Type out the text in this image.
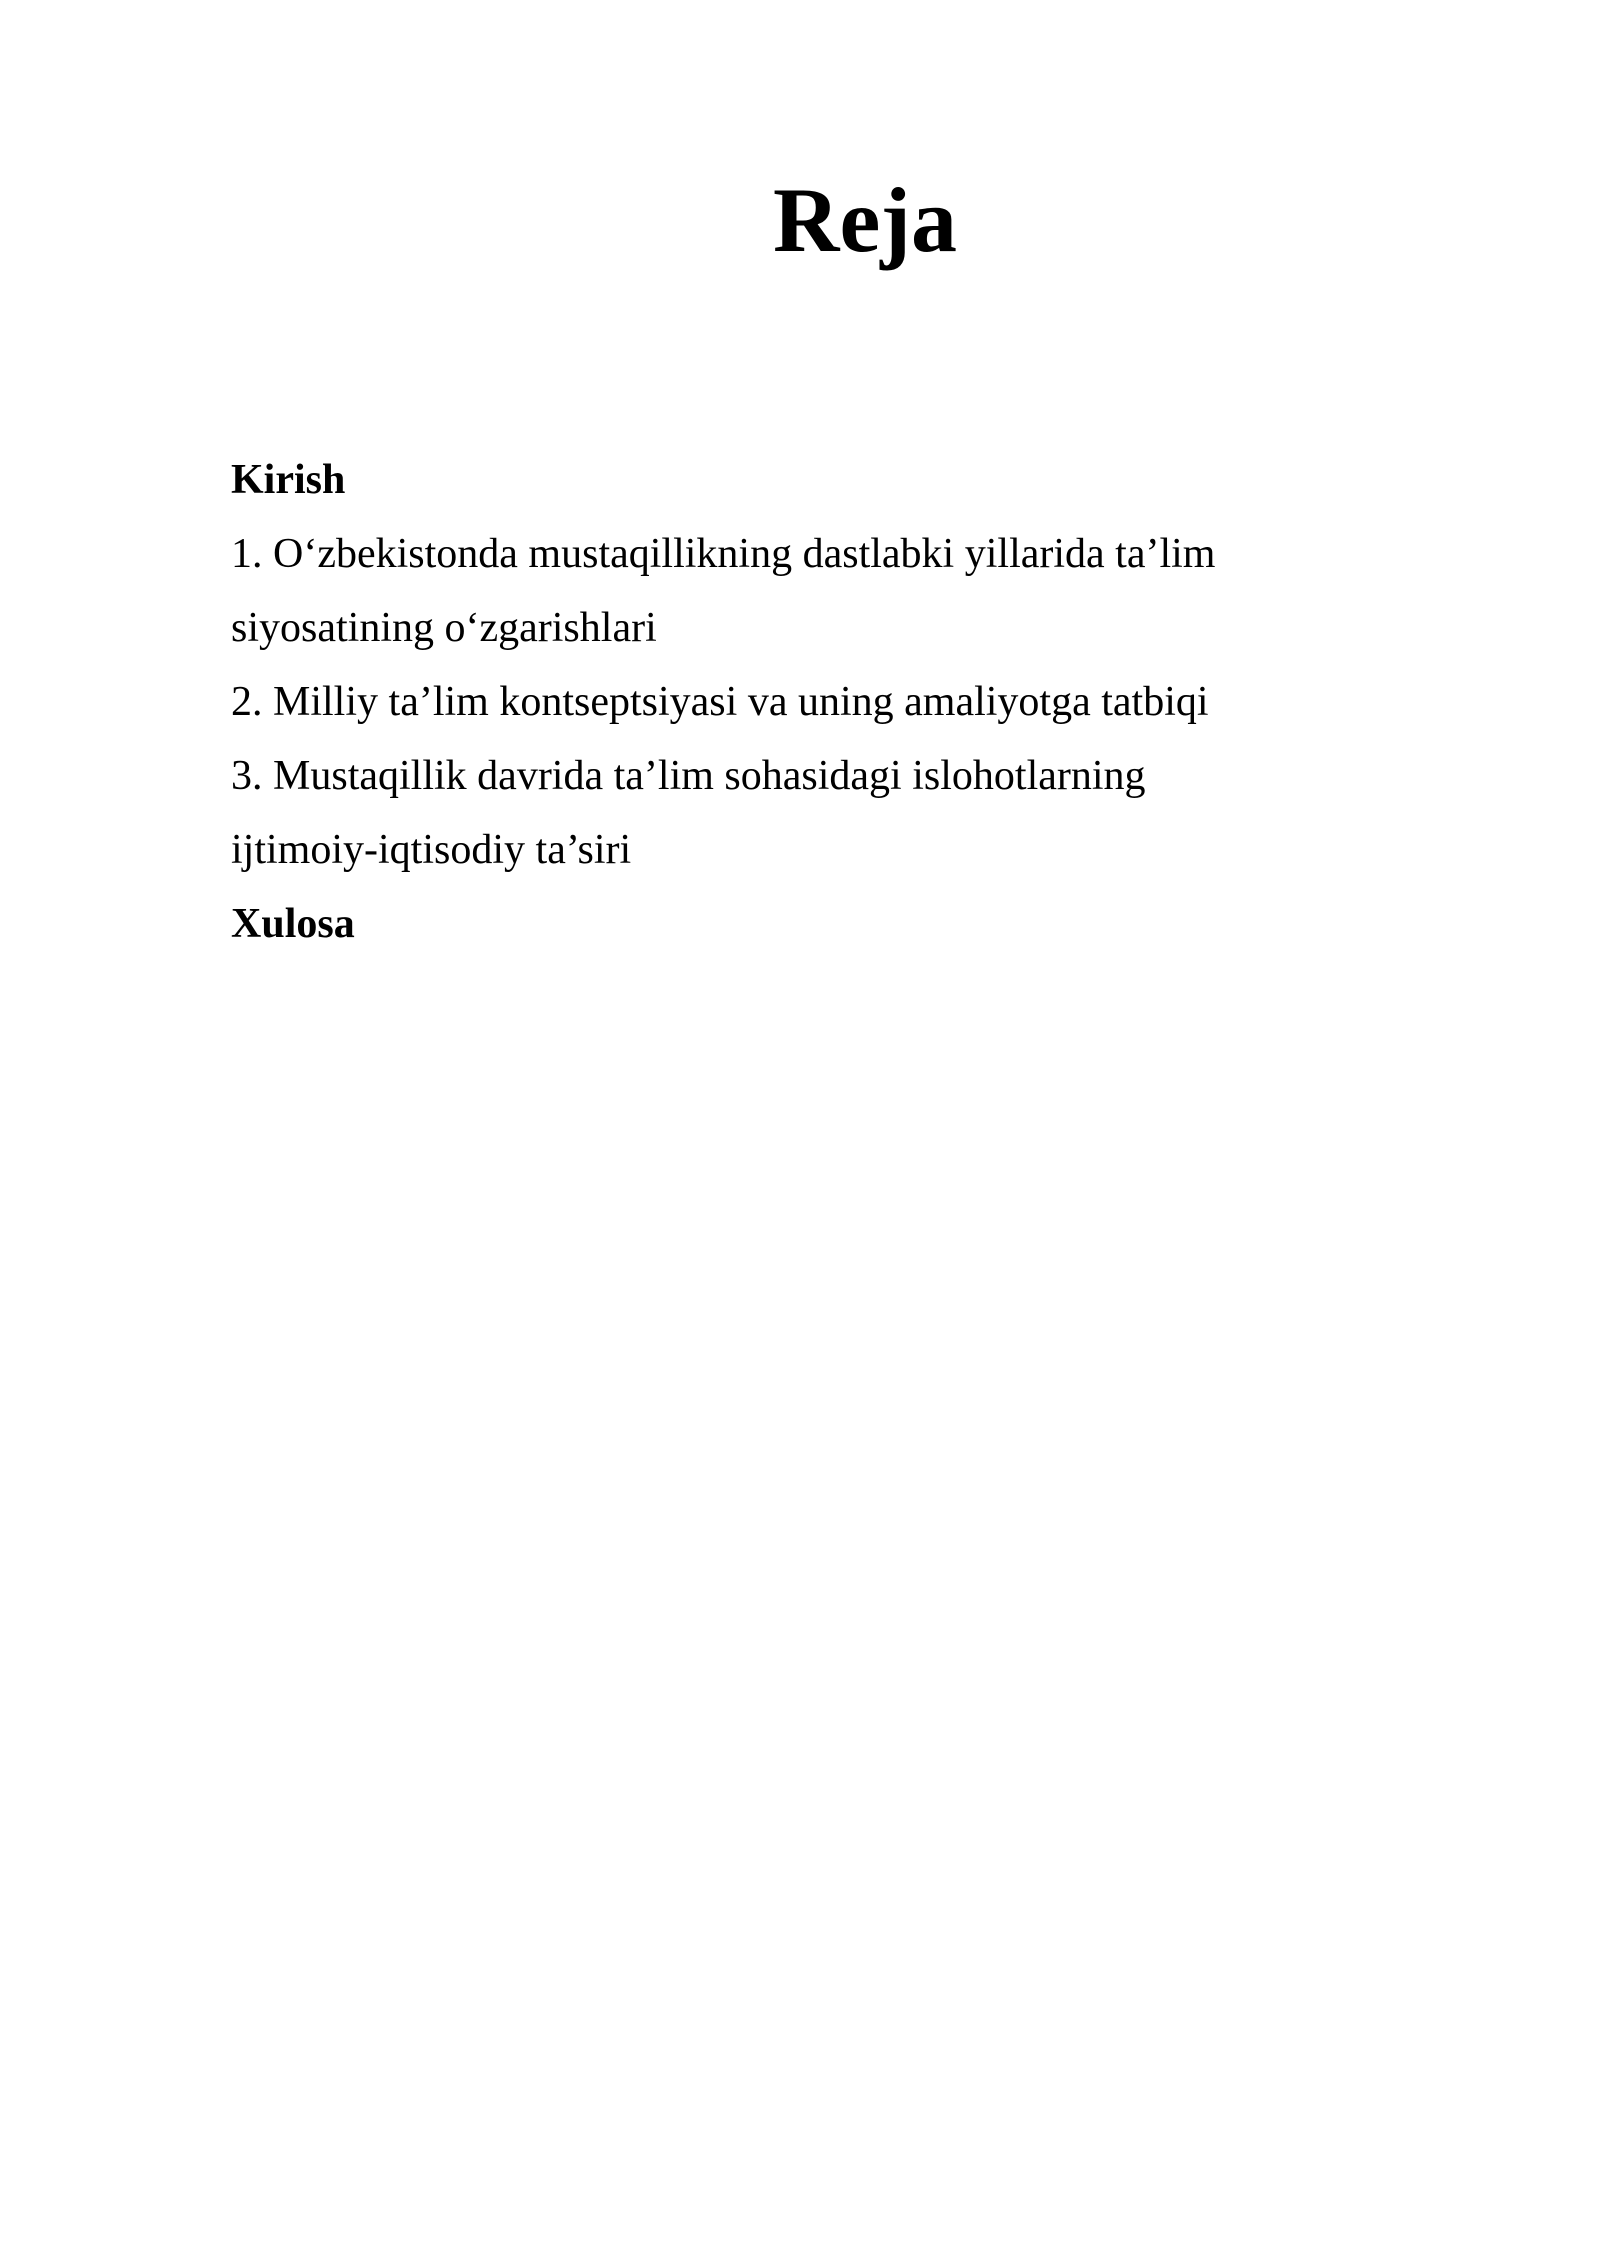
Reja
Kirish
1. O‘zbekistonda mustaqillikning dastlabki yillarida ta’lim
siyosatining o‘zgarishlari
2. Milliy ta’lim kontseptsiyasi va uning amaliyotga tatbiqi
3. Mustaqillik davrida ta’lim sohasidagi islohotlarning
ijtimoiy-iqtisodiy ta’siri
Xulosa
